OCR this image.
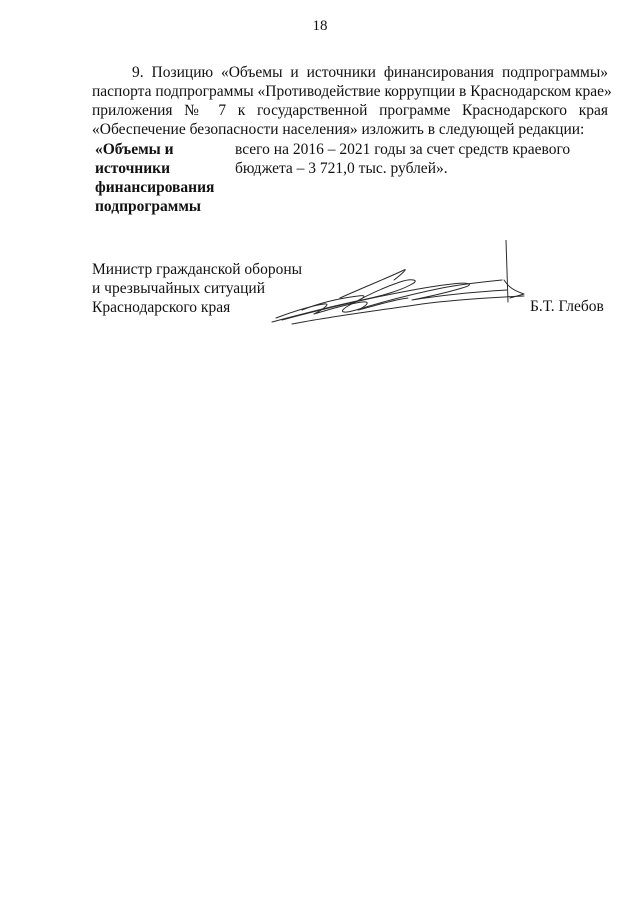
18
9. Позицию «Объемы и источники финансирования подпрограммы»
паспорта подпрограммы «Противодействие коррупции в Краснодарском крае»
приложения № 7 к государственной программе Краснодарского края
«Обеспечение безопасности населения» изложить в следующей редакции:
«Объемы и
источники
финансирования
подпрограммы
всего на 2016 – 2021 годы за счет средств краевого
бюджета – 3 721,0 тыс. рублей».
Министр гражданской обороны
и чрезвычайных ситуаций
Краснодарского края	Б.Т. Глебов
